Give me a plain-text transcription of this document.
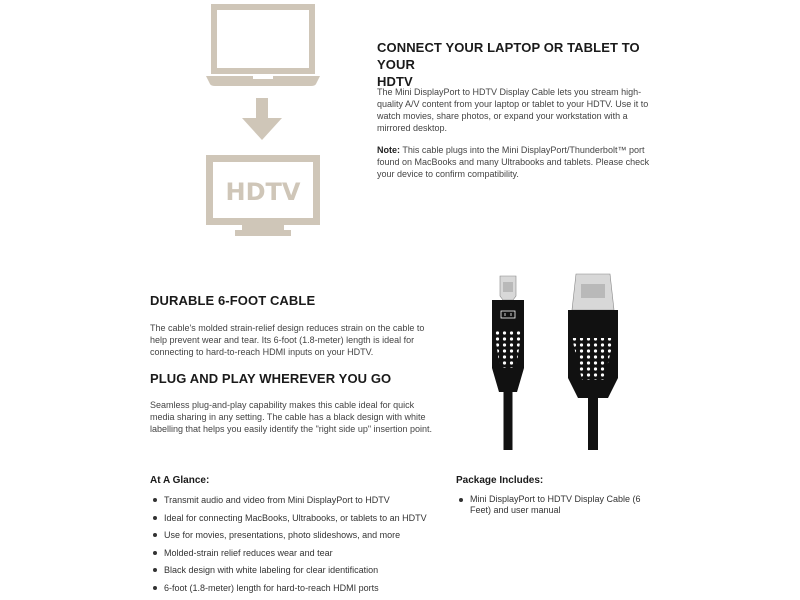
HDTV
CONNECT YOUR LAPTOP OR TABLET TO YOUR
HDTV

The Mini DisplayPort to HDTV Display Cable lets you stream high-quality A/V content from your laptop or tablet to your HDTV. Use it to watch movies, share photos, or expand your workstation with a mirrored desktop.

Note: This cable plugs into the Mini DisplayPort/Thunderbolt™ port found on MacBooks and many Ultrabooks and tablets. Please check your device to confirm compatibility.

DURABLE 6-FOOT CABLE

The cable's molded strain-relief design reduces strain on the cable to help prevent wear and tear. Its 6-foot (1.8-meter) length is ideal for connecting to hard-to-reach HDMI inputs on your HDTV.

PLUG AND PLAY WHEREVER YOU GO

Seamless plug-and-play capability makes this cable ideal for quick media sharing in any setting. The cable has a black design with white labelling that helps you easily identify the "right side up" insertion point.

At A Glance:
Transmit audio and video from Mini DisplayPort to HDTV
Ideal for connecting MacBooks, Ultrabooks, or tablets to an HDTV
Use for movies, presentations, photo slideshows, and more
Molded-strain relief reduces wear and tear
Black design with white labeling for clear identification
6-foot (1.8-meter) length for hard-to-reach HDMI ports
Package Includes:
Mini DisplayPort to HDTV Display Cable (6 Feet) and user manual
